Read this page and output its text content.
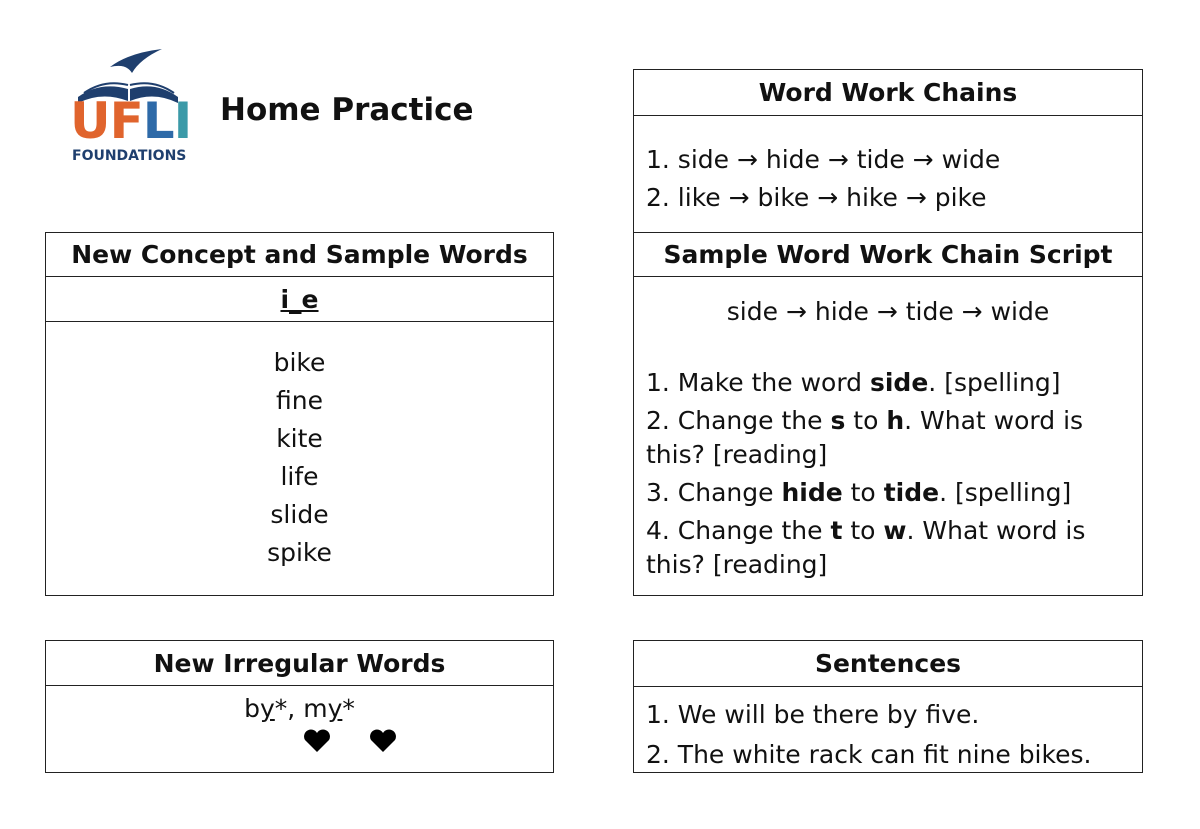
UFLI
FOUNDATIONS
Home Practice
New Concept and Sample Words
i_e
bike
fine
kite
life
slide
spike
New Irregular Words
by*, my*
Word Work Chains
1. side → hide → tide → wide
2. like → bike → hike → pike
Sample Word Work Chain Script
side → hide → tide → wide
1. Make the word side. [spelling]
2. Change the s to h. What word is this? [reading]
3. Change hide to tide. [spelling]
4. Change the t to w. What word is this? [reading]
Sentences
1. We will be there by five.
2. The white rack can fit nine bikes.
